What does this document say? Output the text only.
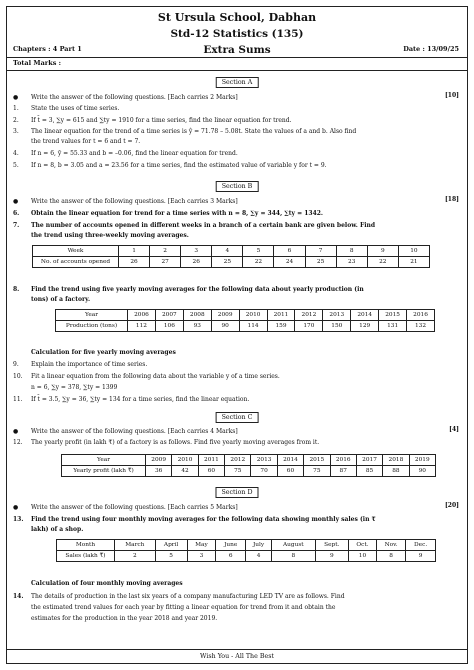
St Ursula School, Dabhan
Std-12 Statistics (135)
Extra Sums
Chapters : 4 Part 1	Date : 13/09/25
Total Marks :
Section A
● Write the answer of the following questions. [Each carries 2 Marks]	[10]
1. State the uses of time series.
2. If t̄ = 3, ∑y = 615 and ∑ty = 1910 for a time series, find the linear equation for trend.
3. The linear equation for the trend of a time series is ŷ = 71.78 – 5.08t. State the values of a and b. Also find
the trend values for t = 6 and t = 7.
4. If n = 6, ȳ = 55.33 and b = –0.06, find the linear equation for trend.
5. If n = 8, b = 3.05 and a = 23.56 for a time series, find the estimated value of variable y for t = 9.
Section B
● Write the answer of the following questions. [Each carries 3 Marks]	[18]
6. Obtain the linear equation for trend for a time series with n = 8, ∑y = 344, ∑ty = 1342.
7. The number of accounts opened in different weeks in a branch of a certain bank are given below. Find
the trend using three-weekly moving averages.
Week	1	2	3	4	5	6	7	8	9	10
No. of accounts opened	26	27	26	25	22	24	25	23	22	21
8. Find the trend using five yearly moving averages for the following data about yearly production (in
tons) of a factory.
Year	2006	2007	2008	2009	2010	2011	2012	2013	2014	2015	2016
Production (tons)	112	106	93	90	114	159	170	150	129	131	132
Calculation for five yearly moving averages
9. Explain the importance of time series.
10. Fit a linear equation from the following data about the variable y of a time series.
n = 6, ∑y = 378, ∑ty = 1399
11. If t̄ = 3.5, ∑y = 36, ∑ty = 134 for a time series, find the linear equation.
Section C
● Write the answer of the following questions. [Each carries 4 Marks]	[4]
12. The yearly profit (in lakh ₹) of a factory is as follows. Find five yearly moving averages from it.
Year	2009	2010	2011	2012	2013	2014	2015	2016	2017	2018	2019
Yearly profit (lakh ₹)	36	42	60	75	70	60	75	87	85	88	90
Section D
● Write the answer of the following questions. [Each carries 5 Marks]	[20]
13. Find the trend using four monthly moving averages for the following data showing monthly sales (in ₹
lakh) of a shop.
Month	March	April	May	June	July	August	Sept.	Oct.	Nov.	Dec.
Sales (lakh ₹)	2	5	3	6	4	8	9	10	8	9
Calculation of four monthly moving averages
14. The details of production in the last six years of a company manufacturing LED TV are as follows. Find
the estimated trend values for each year by fitting a linear equation for trend from it and obtain the
estimates for the production in the year 2018 and year 2019.
Wish You - All The Best
